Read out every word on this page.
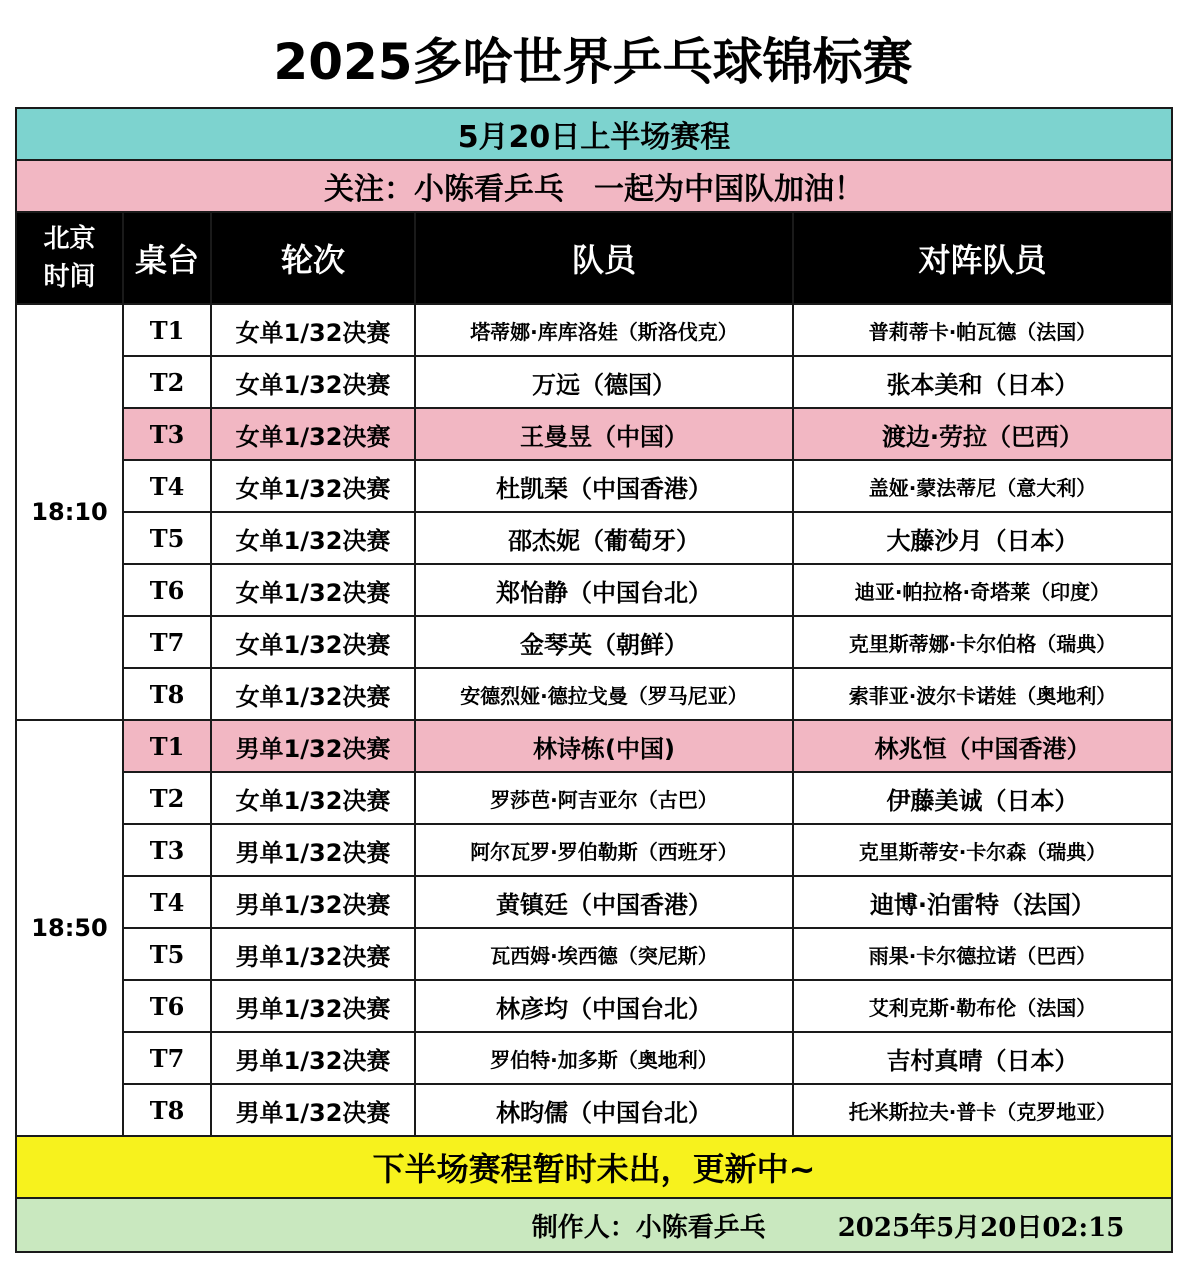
2025多哈世界乒乓球锦标赛
5月20日上半场赛程				
关注：小陈看乒乓　一起为中国队加油！				

北京
时间	桌台	轮次	队员	对阵队员
18:10	T1	女单1/32决赛	塔蒂娜·库库洛娃（斯洛伐克）	普莉蒂卡·帕瓦德（法国）
	T2	女单1/32决赛	万远（德国）	张本美和（日本）
	T3	女单1/32决赛	王曼昱（中国）	渡边·劳拉（巴西）
	T4	女单1/32决赛	杜凯琹（中国香港）	盖娅·蒙法蒂尼（意大利）
	T5	女单1/32决赛	邵杰妮（葡萄牙）	大藤沙月（日本）
	T6	女单1/32决赛	郑怡静（中国台北）	迪亚·帕拉格·奇塔莱（印度）
	T7	女单1/32决赛	金琴英（朝鲜）	克里斯蒂娜·卡尔伯格（瑞典）
	T8	女单1/32决赛	安德烈娅·德拉戈曼（罗马尼亚）	索菲亚·波尔卡诺娃（奥地利）
18:50	T1	男单1/32决赛	林诗栋(中国)	林兆恒（中国香港）
	T2	女单1/32决赛	罗莎芭·阿吉亚尔（古巴）	伊藤美诚（日本）
	T3	男单1/32决赛	阿尔瓦罗·罗伯勒斯（西班牙）	克里斯蒂安·卡尔森（瑞典）
	T4	男单1/32决赛	黄镇廷（中国香港）	迪博·泊雷特（法国）
	T5	男单1/32决赛	瓦西姆·埃西德（突尼斯）	雨果·卡尔德拉诺（巴西）
	T6	男单1/32决赛	林彦均（中国台北）	艾利克斯·勒布伦（法国）
	T7	男单1/32决赛	罗伯特·加多斯（奥地利）	吉村真晴（日本）
	T8	男单1/32决赛	林昀儒（中国台北）	托米斯拉夫·普卡（克罗地亚）
下半场赛程暂时未出，更新中~				
制作人：小陈看乒乓 2025年5月20日02:15				
